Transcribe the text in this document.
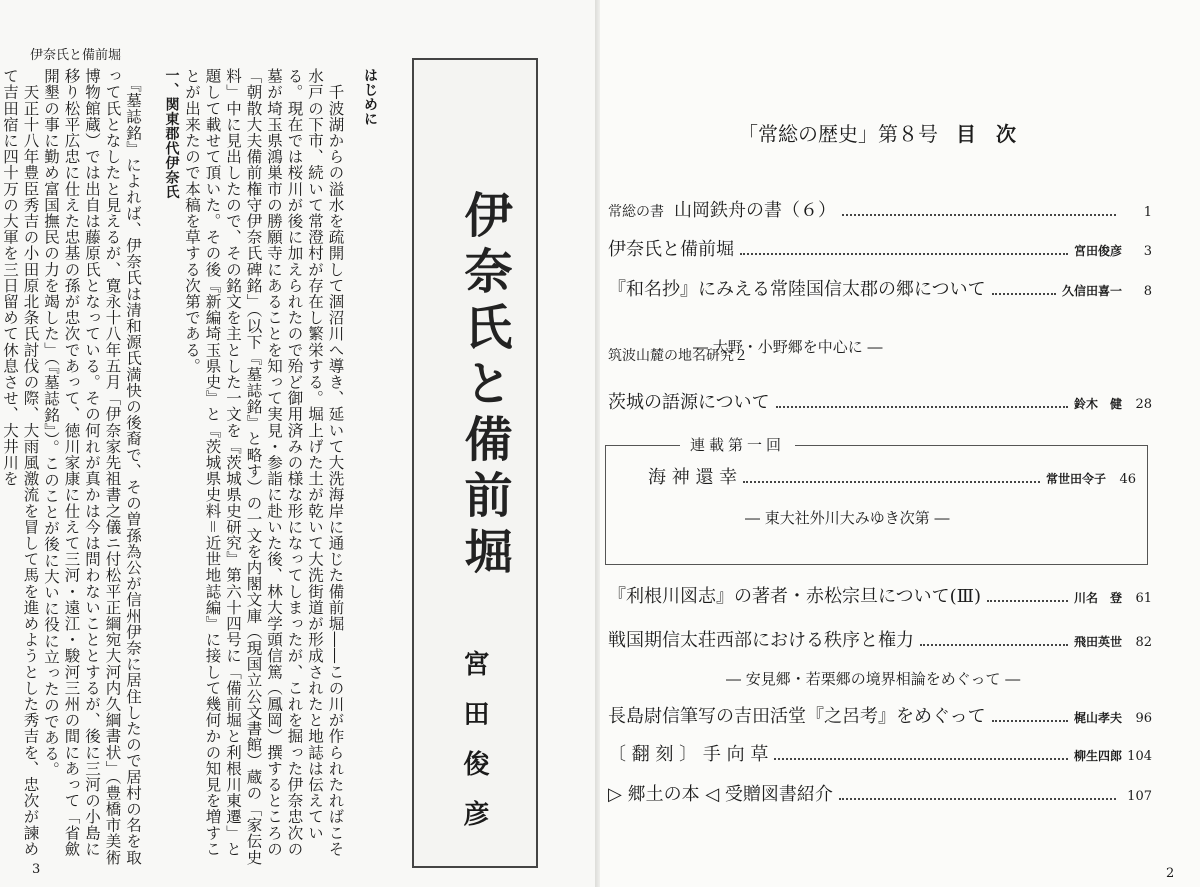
伊奈氏と備前堀

はじめに

　千波湖からの溢水を疏開して涸沼川へ導き、延いて大洗海岸に通じた備前堀――この川が作られたればこそ水戸の下市、続いて常澄村が存在し繁栄する。堀上げた土が乾いて大洗街道が形成されたと地誌は伝えている。現在では桜川が後に加えられたので殆ど御用済みの様な形になってしまったが、これを掘った伊奈忠次の墓が埼玉県鴻巣市の勝願寺にあることを知って実見・参詣に赴いた後、林大学頭信篤（鳳岡）撰するところの「朝散大夫備前権守伊奈氏碑銘」（以下『墓誌銘』と略す）の一文を内閣文庫（現国立公文書館）蔵の「家伝史料」中に見出したので、その銘文を主とした一文を『茨城県史研究』第六十四号に「備前堀と利根川東遷」と題して載せて頂いた。その後『新編埼玉県史』と『茨城県史料＝近世地誌編』に接して幾何かの知見を増すことが出来たので本稿を草する次第である。

一、関東郡代伊奈氏

　『墓誌銘』によれば、伊奈氏は清和源氏満快の後裔で、その曽孫為公が信州伊奈に居住したので居村の名を取って氏となしたと見えるが、寛永十八年五月「伊奈家先祖書之儀ニ付松平正綱宛大河内久綱書状」（豊橋市美術博物館蔵）では出自は藤原氏となっている。その何れが真かは今は問わないこととするが、後に三河の小島に移り松平広忠に仕えた忠基の孫が忠次であって、徳川家康に仕えて三河・遠江・駿河三州の間にあって「省歛開墾の事に勤め富国撫民の力を竭した」（『墓誌銘』）。このことが後に大いに役に立ったのである。

　天正十八年豊臣秀吉の小田原北条氏討伐の際、大雨風激流を冒して馬を進めようとした秀吉を、忠次が諫めて吉田宿に四十万の大軍を三日留めて休息させ、大井川を	伊奈氏と備前堀
宮田俊彦
3
「常総の歴史」第８号 目　次
連載第一回
常総の書 山岡鉄舟の書（６）	1
伊奈氏と備前堀	宮田俊彦	3
『和名抄』にみえる常陸国信太郡の郷について	久信田喜一	8
― 大野・小野郷を中心に ―
筑波山麓の地名研究２
茨城の語源について	鈴木　健	28
海 神 還 幸	常世田令子	46
― 東大社外川大みゆき次第 ―
『利根川図志』の著者・赤松宗旦について(Ⅲ)	川名　登	61
戦国期信太荘西部における秩序と権力	飛田英世	82
― 安見郷・若栗郷の境界相論をめぐって ―
長島尉信筆写の吉田活堂『之呂考』をめぐって	梶山孝夫	96
〔 翻 刻 〕 手 向 草	柳生四郎 104
▷ 郷土の本 ◁ 受贈図書紹介	107
2
